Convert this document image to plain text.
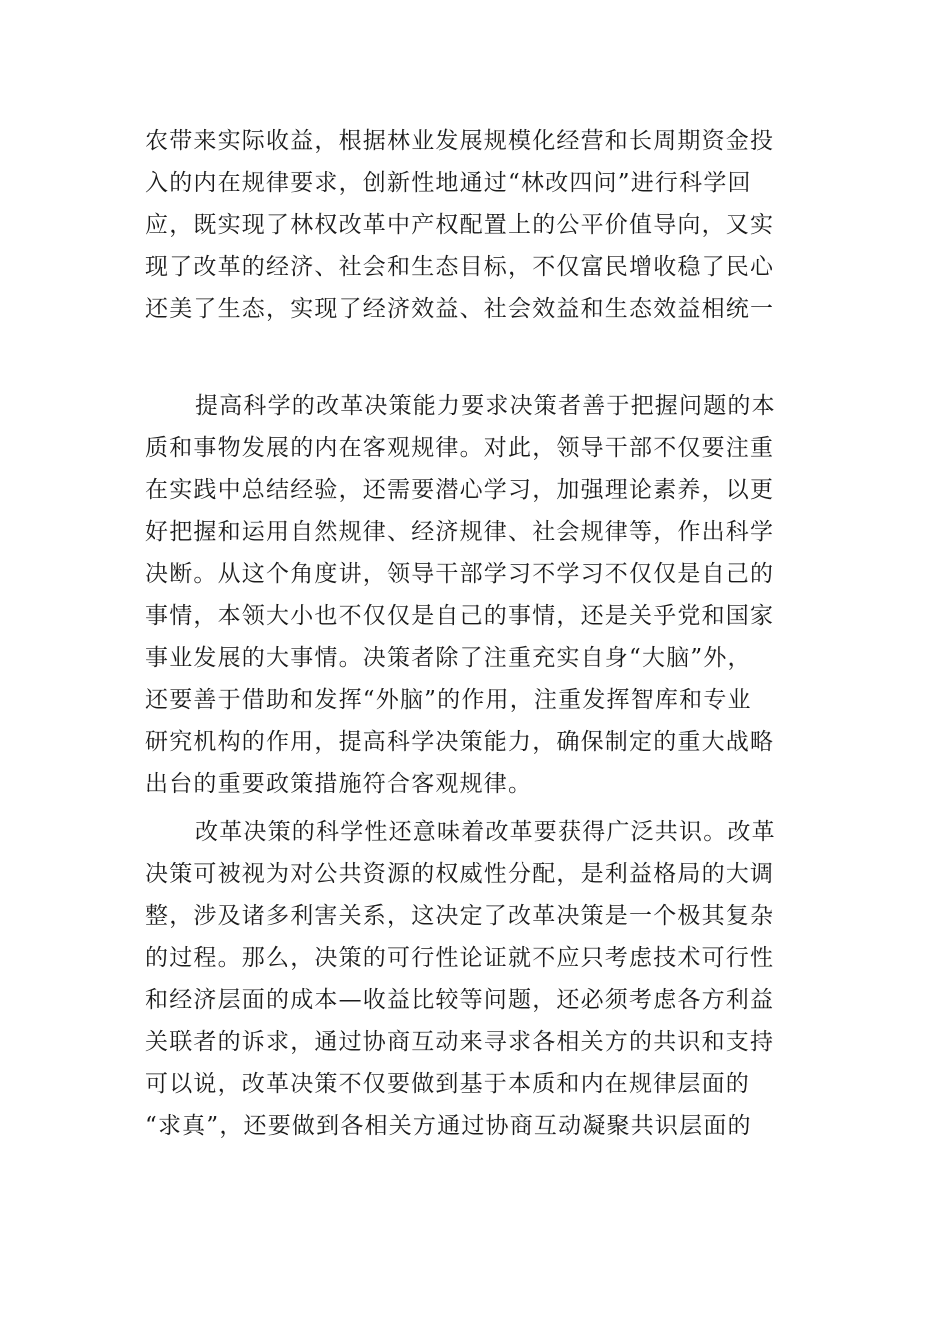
农带来实际收益，根据林业发展规模化经营和长周期资金投
入的内在规律要求，创新性地通过“林改四问”进行科学回
应，既实现了林权改革中产权配置上的公平价值导向，又实
现了改革的经济、社会和生态目标，不仅富民增收稳了民心
还美了生态，实现了经济效益、社会效益和生态效益相统一
提高科学的改革决策能力要求决策者善于把握问题的本
质和事物发展的内在客观规律。对此，领导干部不仅要注重
在实践中总结经验，还需要潜心学习，加强理论素养，以更
好把握和运用自然规律、经济规律、社会规律等，作出科学
决断。从这个角度讲，领导干部学习不学习不仅仅是自己的
事情，本领大小也不仅仅是自己的事情，还是关乎党和国家
事业发展的大事情。决策者除了注重充实自身“大脑”外，
还要善于借助和发挥“外脑”的作用，注重发挥智库和专业
研究机构的作用，提高科学决策能力，确保制定的重大战略
出台的重要政策措施符合客观规律。
改革决策的科学性还意味着改革要获得广泛共识。改革
决策可被视为对公共资源的权威性分配，是利益格局的大调
整，涉及诸多利害关系，这决定了改革决策是一个极其复杂
的过程。那么，决策的可行性论证就不应只考虑技术可行性
和经济层面的成本—收益比较等问题，还必须考虑各方利益
关联者的诉求，通过协商互动来寻求各相关方的共识和支持
可以说，改革决策不仅要做到基于本质和内在规律层面的
“求真”，还要做到各相关方通过协商互动凝聚共识层面的
